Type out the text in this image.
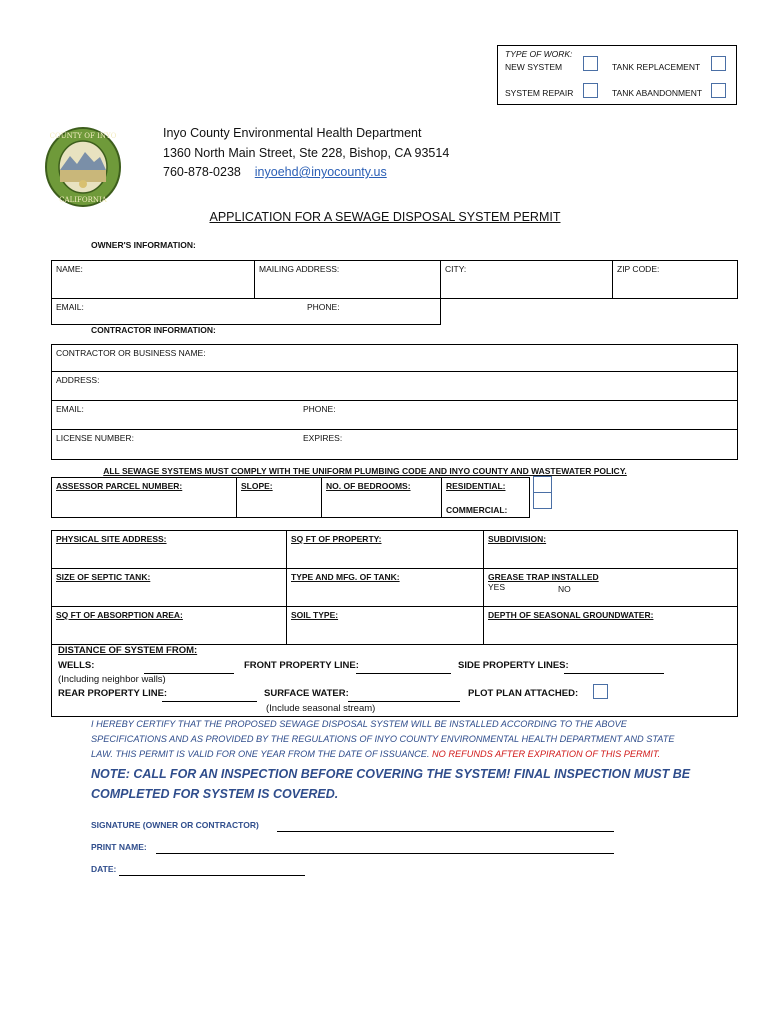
TYPE OF WORK:
NEW SYSTEM	TANK REPLACEMENT
SYSTEM REPAIR	TANK ABANDONMENT
COUNTY OF INYO
CALIFORNIA
Inyo County Environmental Health Department
1360 North Main Street, Ste 228, Bishop, CA 93514
760-878-0238 inyoehd@inyocounty.us
APPLICATION FOR A SEWAGE DISPOSAL SYSTEM PERMIT
OWNER'S INFORMATION:
NAME:	MAILING ADDRESS:	CITY:	ZIP CODE:
EMAIL: PHONE:			

CONTRACTOR INFORMATION:
CONTRACTOR OR BUSINESS NAME:
ADDRESS:
EMAIL:	PHONE:

LICENSE NUMBER:	EXPIRES:
ALL SEWAGE SYSTEMS MUST COMPLY WITH THE UNIFORM PLUMBING CODE AND INYO COUNTY AND WASTEWATER POLICY.
ASSESSOR PARCEL NUMBER:	SLOPE:	NO. OF BEDROOMS:	RESIDENTIAL:
COMMERCIAL:
PHYSICAL SITE ADDRESS:	SQ FT OF PROPERTY:	SUBDIVISION:
SIZE OF SEPTIC TANK:	TYPE AND MFG. OF TANK:	GREASE TRAP INSTALLED
YES NO

SQ FT OF ABSORPTION AREA:	SOIL TYPE:	DEPTH OF SEASONAL GROUNDWATER:
DISTANCE OF SYSTEM FROM:
WELLS:
(Including neighbor walls)
FRONT PROPERTY LINE:	SIDE PROPERTY LINES:
REAR PROPERTY LINE:	SURFACE WATER:
(Include seasonal stream)
PLOT PLAN ATTACHED:
I HEREBY CERTIFY THAT THE PROPOSED SEWAGE DISPOSAL SYSTEM WILL BE INSTALLED ACCORDING TO THE ABOVE SPECIFICATIONS AND AS PROVIDED BY THE REGULATIONS OF INYO COUNTY ENVIRONMENTAL HEALTH DEPARTMENT AND STATE LAW. THIS PERMIT IS VALID FOR ONE YEAR FROM THE DATE OF ISSUANCE. NO REFUNDS AFTER EXPIRATION OF THIS PERMIT.
NOTE: CALL FOR AN INSPECTION BEFORE COVERING THE SYSTEM! FINAL INSPECTION MUST BE
COMPLETED FOR SYSTEM IS COVERED.
SIGNATURE (OWNER OR CONTRACTOR)
PRINT NAME:
DATE:
